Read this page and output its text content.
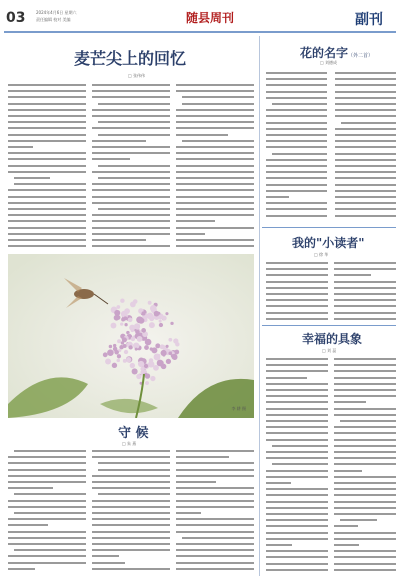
03	2024年4月6日 星期六
责任编辑 校对 美编	随县周刊	副刊
麦芒尖上的回忆
□ 张伟伟
花的名字（外二首）
□ 刘德成
我的"小读者"
□ 徐 华
幸福的具象
□ 刘 蕊
李 耕 摄
守 候
□ 朱 燕
